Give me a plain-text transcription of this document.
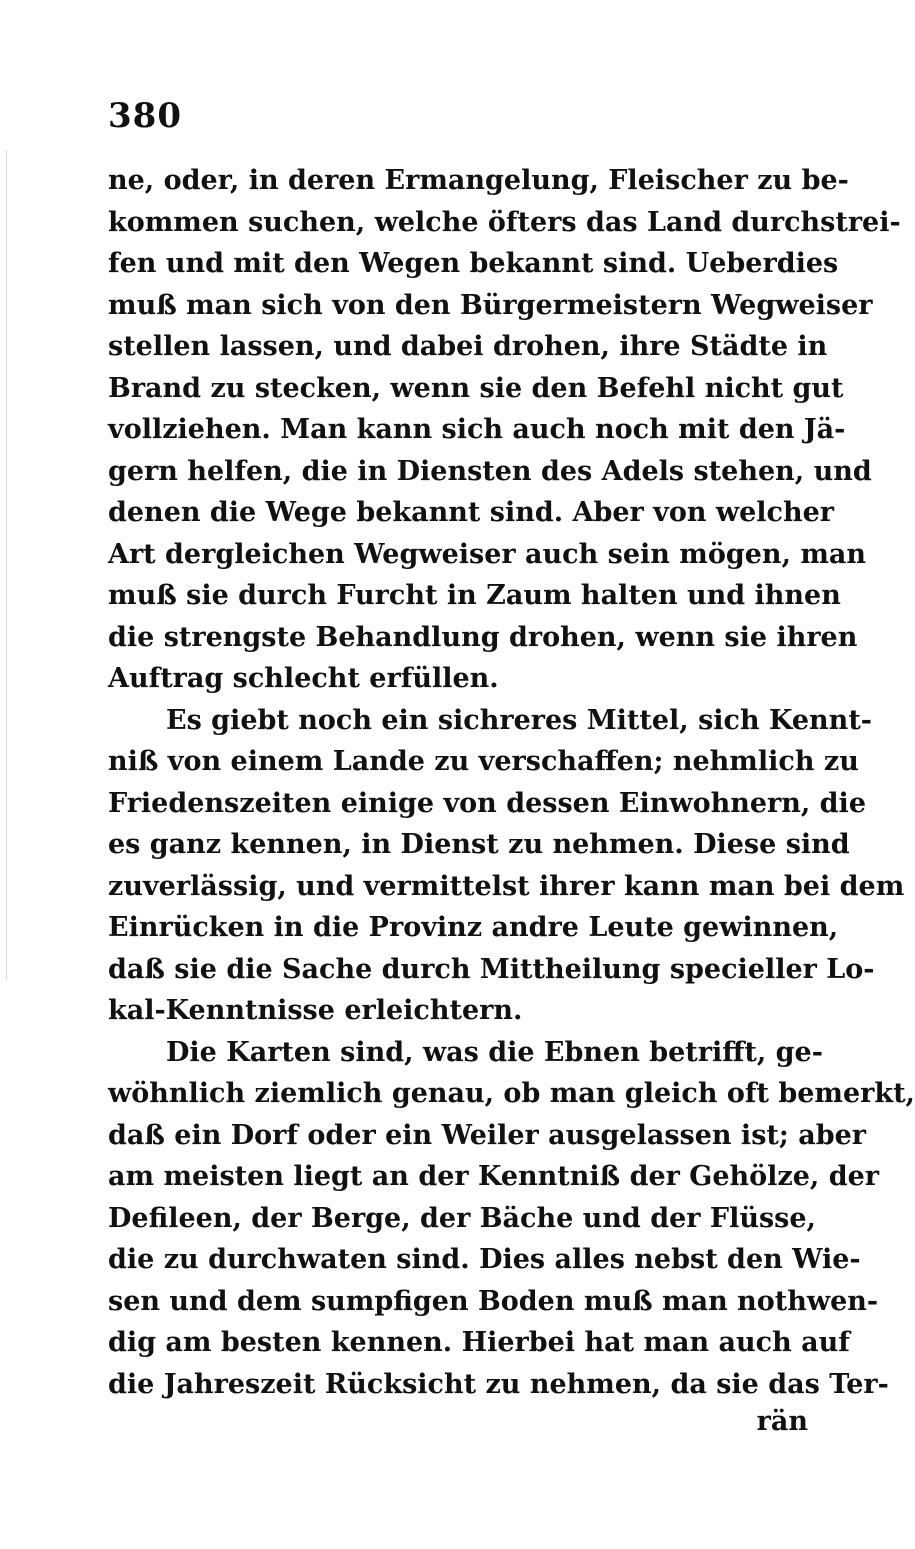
380
ne, oder, in deren Ermangelung, Fleischer zu be-
kommen suchen, welche öfters das Land durchstrei-
fen und mit den Wegen bekannt sind. Ueberdies
muß man sich von den Bürgermeistern Wegweiser
stellen lassen, und dabei drohen, ihre Städte in
Brand zu stecken, wenn sie den Befehl nicht gut
vollziehen. Man kann sich auch noch mit den Jä-
gern helfen, die in Diensten des Adels stehen, und
denen die Wege bekannt sind. Aber von welcher
Art dergleichen Wegweiser auch sein mögen, man
muß sie durch Furcht in Zaum halten und ihnen
die strengste Behandlung drohen, wenn sie ihren
Auftrag schlecht erfüllen.
Es giebt noch ein sichreres Mittel, sich Kennt-
niß von einem Lande zu verschaffen; nehmlich zu
Friedenszeiten einige von dessen Einwohnern, die
es ganz kennen, in Dienst zu nehmen. Diese sind
zuverlässig, und vermittelst ihrer kann man bei dem
Einrücken in die Provinz andre Leute gewinnen,
daß sie die Sache durch Mittheilung specieller Lo-
kal-Kenntnisse erleichtern.
Die Karten sind, was die Ebnen betrifft, ge-
wöhnlich ziemlich genau, ob man gleich oft bemerkt,
daß ein Dorf oder ein Weiler ausgelassen ist; aber
am meisten liegt an der Kenntniß der Gehölze, der
Defileen, der Berge, der Bäche und der Flüsse,
die zu durchwaten sind. Dies alles nebst den Wie-
sen und dem sumpfigen Boden muß man nothwen-
dig am besten kennen. Hierbei hat man auch auf
die Jahreszeit Rücksicht zu nehmen, da sie das Ter-
rän
